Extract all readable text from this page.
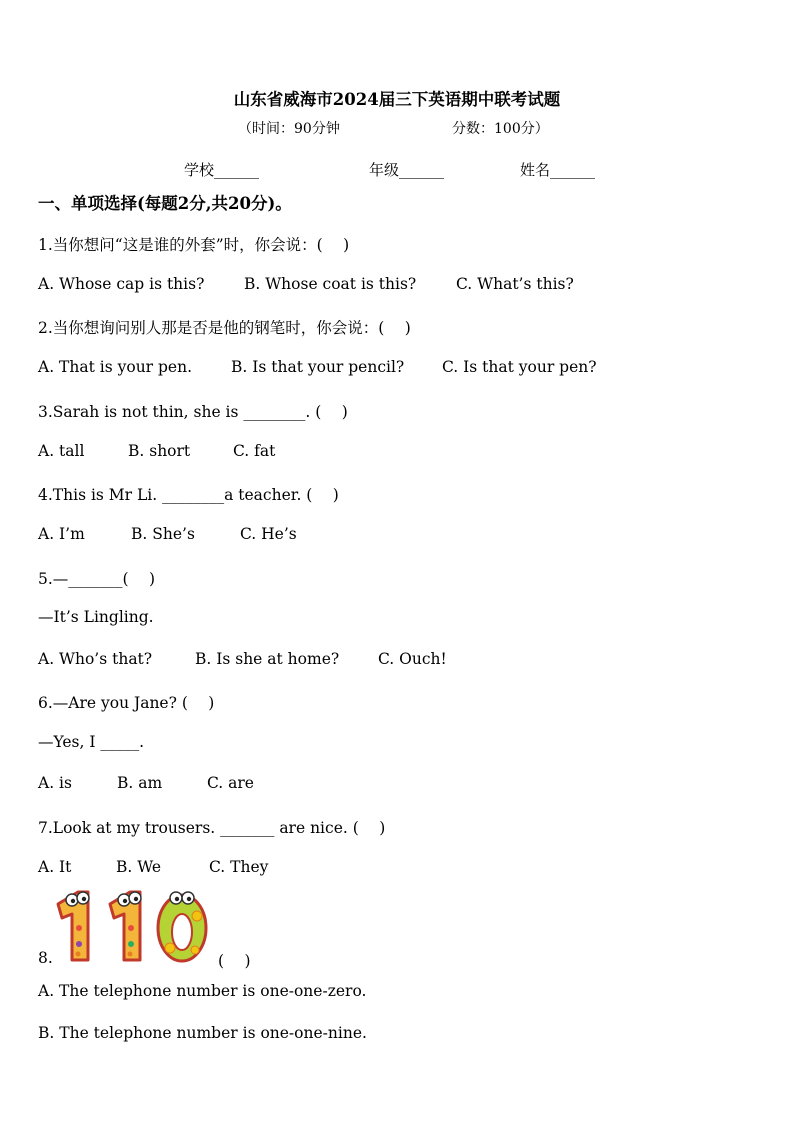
山东省威海市2024届三下英语期中联考试题
（时间：90分钟	分数：100分）
学校______	年级______	姓名______
一、单项选择(每题2分,共20分)。
1.当你想问“这是谁的外套”时，你会说：(　 )
A. Whose cap is this?	B. Whose coat is this?	C. What’s this?
2.当你想询问别人那是否是他的钢笔时，你会说：(　 )
A. That is your pen.	B. Is that your pencil? C. Is that your pen?
3.Sarah is not thin, she is ________. (　 )
A. tall	B. short	C. fat
4.This is Mr Li. ________a teacher. (　 )
A. I’m	B. She’s	C. He’s
5.—_______(　 )
—It’s Lingling.
A. Who’s that?	B. Is she at home?	C. Ouch!
6.—Are you Jane? (　 )
—Yes, I _____.
A. is	B. am	C. are
7.Look at my trousers. _______ are nice. (　 )
A. It	B. We	C. They
8.	(　 )
A. The telephone number is one-one-zero.
B. The telephone number is one-one-nine.
